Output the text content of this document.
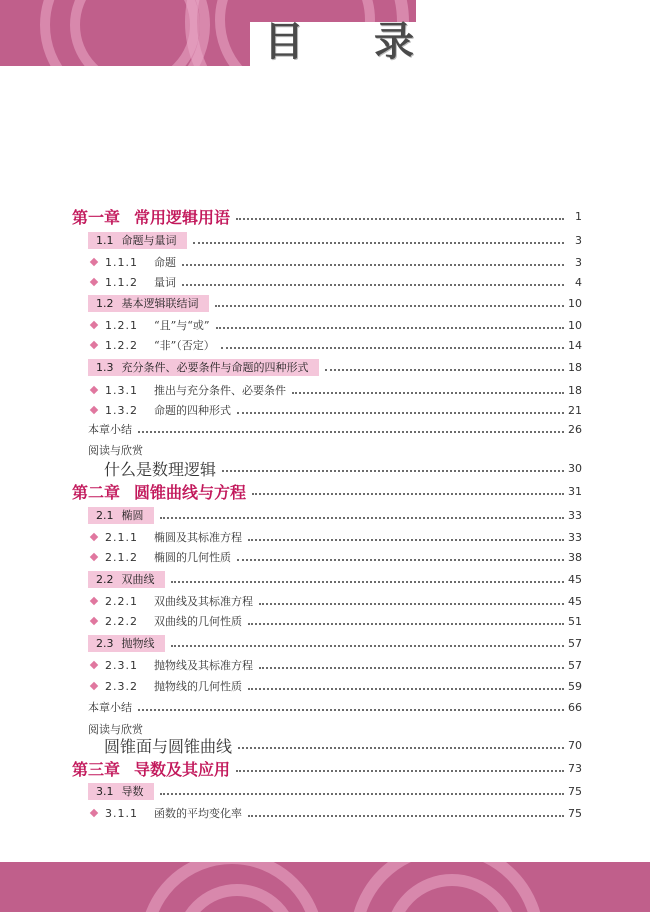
目 录
第一章 常用逻辑用语	1
1.1 命题与量词	3
1.1.1 命题	3
1.1.2 量词	4
1.2 基本逻辑联结词	10
1.2.1 “且”与“或”	10
1.2.2 “非”（否定）	14
1.3 充分条件、必要条件与命题的四种形式	18
1.3.1 推出与充分条件、必要条件	18
1.3.2 命题的四种形式	21
本章小结	26
阅读与欣赏
什么是数理逻辑	30
第二章 圆锥曲线与方程	31
2.1 椭圆	33
2.1.1 椭圆及其标准方程	33
2.1.2 椭圆的几何性质	38
2.2 双曲线	45
2.2.1 双曲线及其标准方程	45
2.2.2 双曲线的几何性质	51
2.3 抛物线	57
2.3.1 抛物线及其标准方程	57
2.3.2 抛物线的几何性质	59
本章小结	66
阅读与欣赏
圆锥面与圆锥曲线	70
第三章 导数及其应用	73
3.1 导数	75
3.1.1 函数的平均变化率	75
